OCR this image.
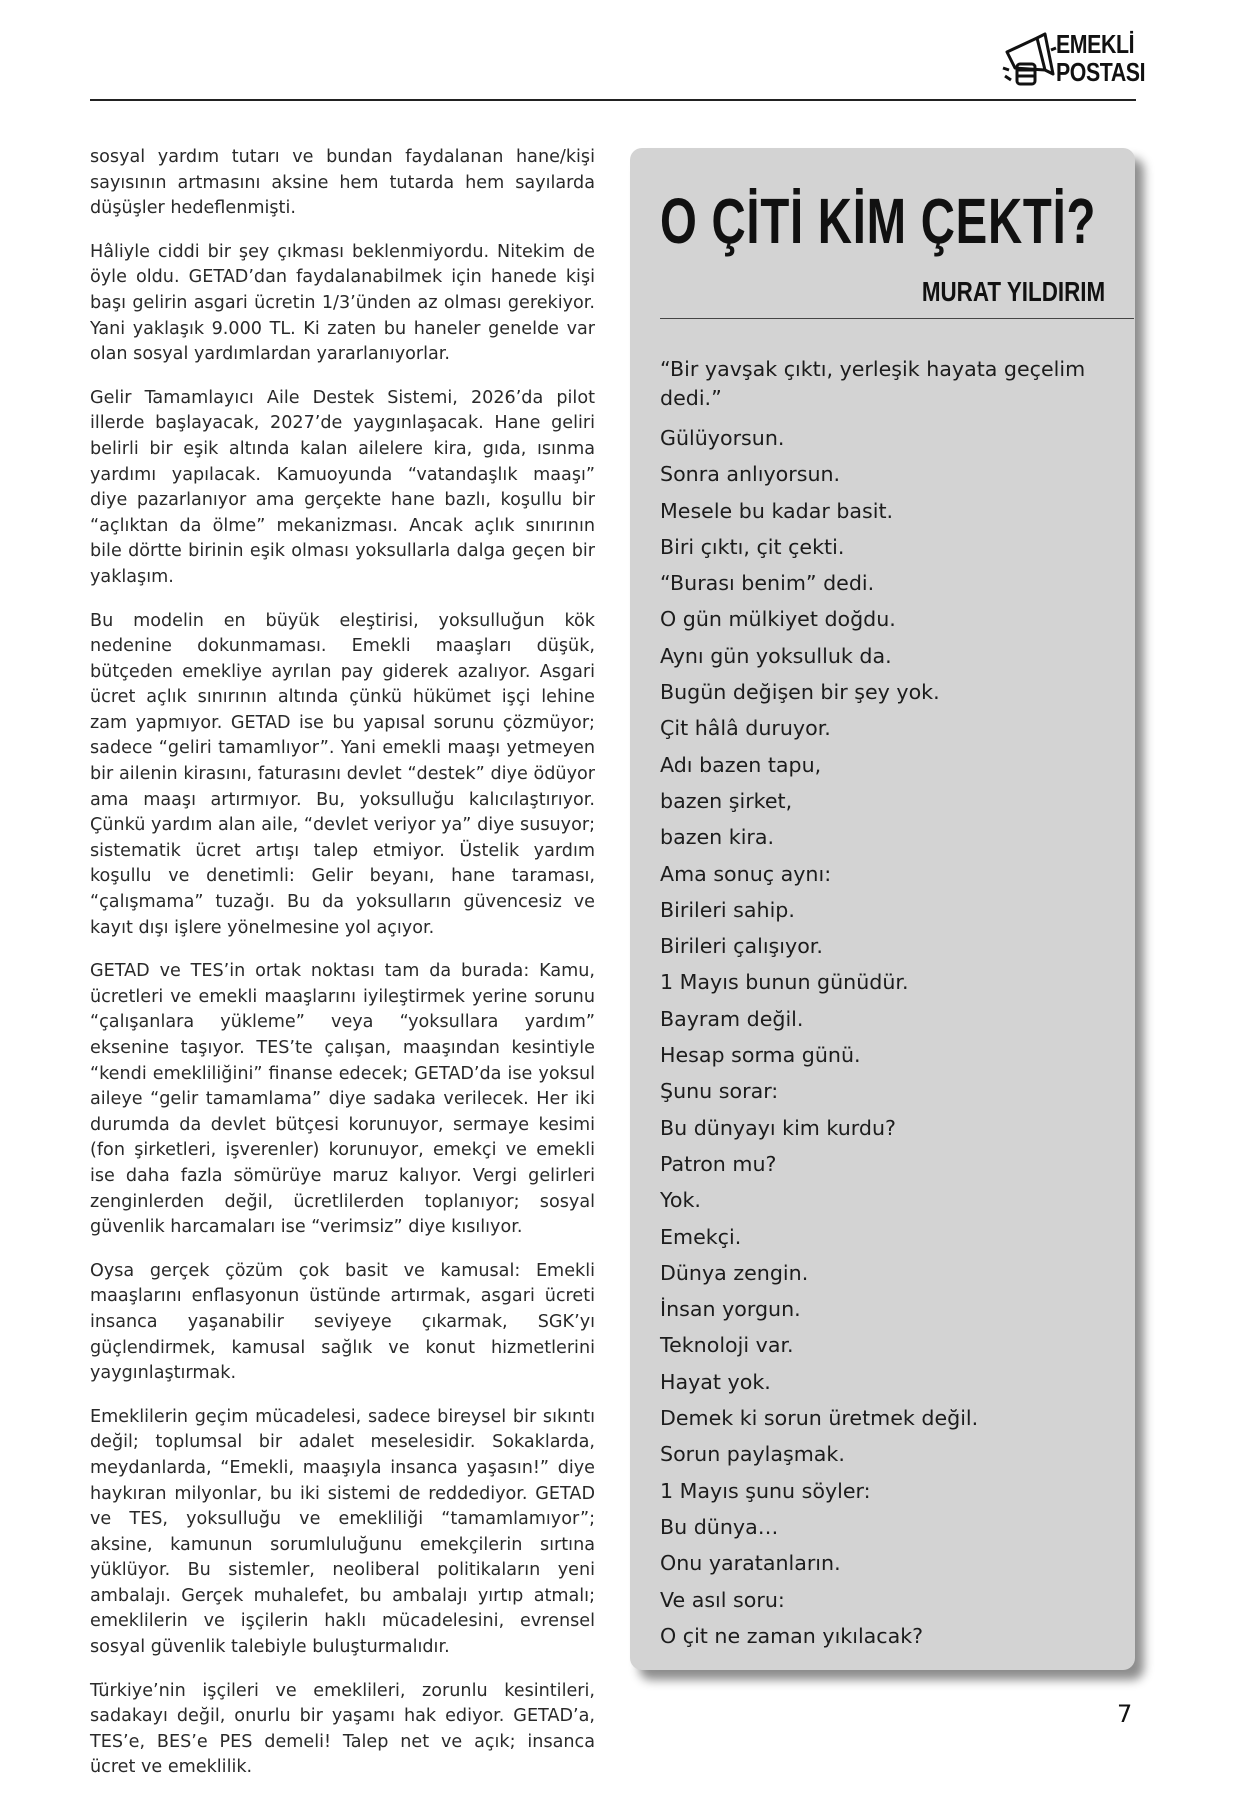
EMEKLİ
POSTASI

sosyal yardım tutarı ve bundan faydalanan hane/kişi sayısının artmasını aksine hem tutarda hem sayılarda düşüşler hedeflenmişti.

Hâliyle ciddi bir şey çıkması beklenmiyordu. Nitekim de öyle oldu. GETAD’dan faydalanabilmek için hanede kişi başı gelirin asgari ücretin 1/3’ünden az olması gerekiyor. Yani yaklaşık 9.000 TL. Ki zaten bu haneler genelde var olan sosyal yardımlardan yararlanıyorlar.

Gelir Tamamlayıcı Aile Destek Sistemi, 2026’da pilot illerde başlayacak, 2027’de yaygınlaşacak. Hane geliri belirli bir eşik altında kalan ailelere kira, gıda, ısınma yardımı yapılacak. Kamuoyunda “vatandaşlık maaşı” diye pazarlanıyor ama gerçekte hane bazlı, koşullu bir “açlıktan da ölme” mekanizması. Ancak açlık sınırının bile dörtte birinin eşik olması yoksullarla dalga geçen bir yaklaşım.

Bu modelin en büyük eleştirisi, yoksulluğun kök nedenine dokunmaması. Emekli maaşları düşük, bütçeden emekliye ayrılan pay giderek azalıyor. Asgari ücret açlık sınırının altında çünkü hükümet işçi lehine zam yapmıyor. GETAD ise bu yapısal sorunu çözmüyor; sadece “geliri tamamlıyor”. Yani emekli maaşı yetmeyen bir ailenin kirasını, faturasını devlet “destek” diye ödüyor ama maaşı artırmıyor. Bu, yoksulluğu kalıcılaştırıyor. Çünkü yardım alan aile, “devlet veriyor ya” diye susuyor; sistematik ücret artışı talep etmiyor. Üstelik yardım koşullu ve denetimli: Gelir beyanı, hane taraması, “çalışmama” tuzağı. Bu da yoksulların güvencesiz ve kayıt dışı işlere yönelmesine yol açıyor.

GETAD ve TES’in ortak noktası tam da burada: Kamu, ücretleri ve emekli maaşlarını iyileştirmek yerine sorunu “çalışanlara yükleme” veya “yoksullara yardım” eksenine taşıyor. TES’te çalışan, maaşından kesintiyle “kendi emekliliğini” finanse edecek; GETAD’da ise yoksul aileye “gelir tamamlama” diye sadaka verilecek. Her iki durumda da devlet bütçesi korunuyor, sermaye kesimi (fon şirketleri, işverenler) korunuyor, emekçi ve emekli ise daha fazla sömürüye maruz kalıyor. Vergi gelirleri zenginlerden değil, ücretlilerden toplanıyor; sosyal güvenlik harcamaları ise “verimsiz” diye kısılıyor.

Oysa gerçek çözüm çok basit ve kamusal: Emekli maaşlarını enflasyonun üstünde artırmak, asgari ücreti insanca yaşanabilir seviyeye çıkarmak, SGK’yı güçlendirmek, kamusal sağlık ve konut hizmetlerini yaygınlaştırmak.

Emeklilerin geçim mücadelesi, sadece bireysel bir sıkıntı değil; toplumsal bir adalet meselesidir. Sokaklarda, meydanlarda, “Emekli, maaşıyla insanca yaşasın!” diye haykıran milyonlar, bu iki sistemi de reddediyor. GETAD ve TES, yoksulluğu ve emekliliği “tamamlamıyor”; aksine, kamunun sorumluluğunu emekçilerin sırtına yüklüyor. Bu sistemler, neoliberal politikaların yeni ambalajı. Gerçek muhalefet, bu ambalajı yırtıp atmalı; emeklilerin ve işçilerin haklı mücadelesini, evrensel sosyal güvenlik talebiyle buluşturmalıdır.

Türkiye’nin işçileri ve emeklileri, zorunlu kesintileri, sadakayı değil, onurlu bir yaşamı hak ediyor. GETAD’a, TES’e, BES’e PES demeli! Talep net ve açık; insanca ücret ve emeklilik.

O ÇİTİ KİM ÇEKTİ?
MURAT YILDIRIM
“Bir yavşak çıktı, yerleşik hayata geçelim dedi.”
Gülüyorsun.
Sonra anlıyorsun.
Mesele bu kadar basit.
Biri çıktı, çit çekti.
“Burası benim” dedi.
O gün mülkiyet doğdu.
Aynı gün yoksulluk da.
Bugün değişen bir şey yok.
Çit hâlâ duruyor.
Adı bazen tapu,
bazen şirket,
bazen kira.
Ama sonuç aynı:
Birileri sahip.
Birileri çalışıyor.
1 Mayıs bunun günüdür.
Bayram değil.
Hesap sorma günü.
Şunu sorar:
Bu dünyayı kim kurdu?
Patron mu?
Yok.
Emekçi.
Dünya zengin.
İnsan yorgun.
Teknoloji var.
Hayat yok.
Demek ki sorun üretmek değil.
Sorun paylaşmak.
1 Mayıs şunu söyler:
Bu dünya…
Onu yaratanların.
Ve asıl soru:
O çit ne zaman yıkılacak?
7
